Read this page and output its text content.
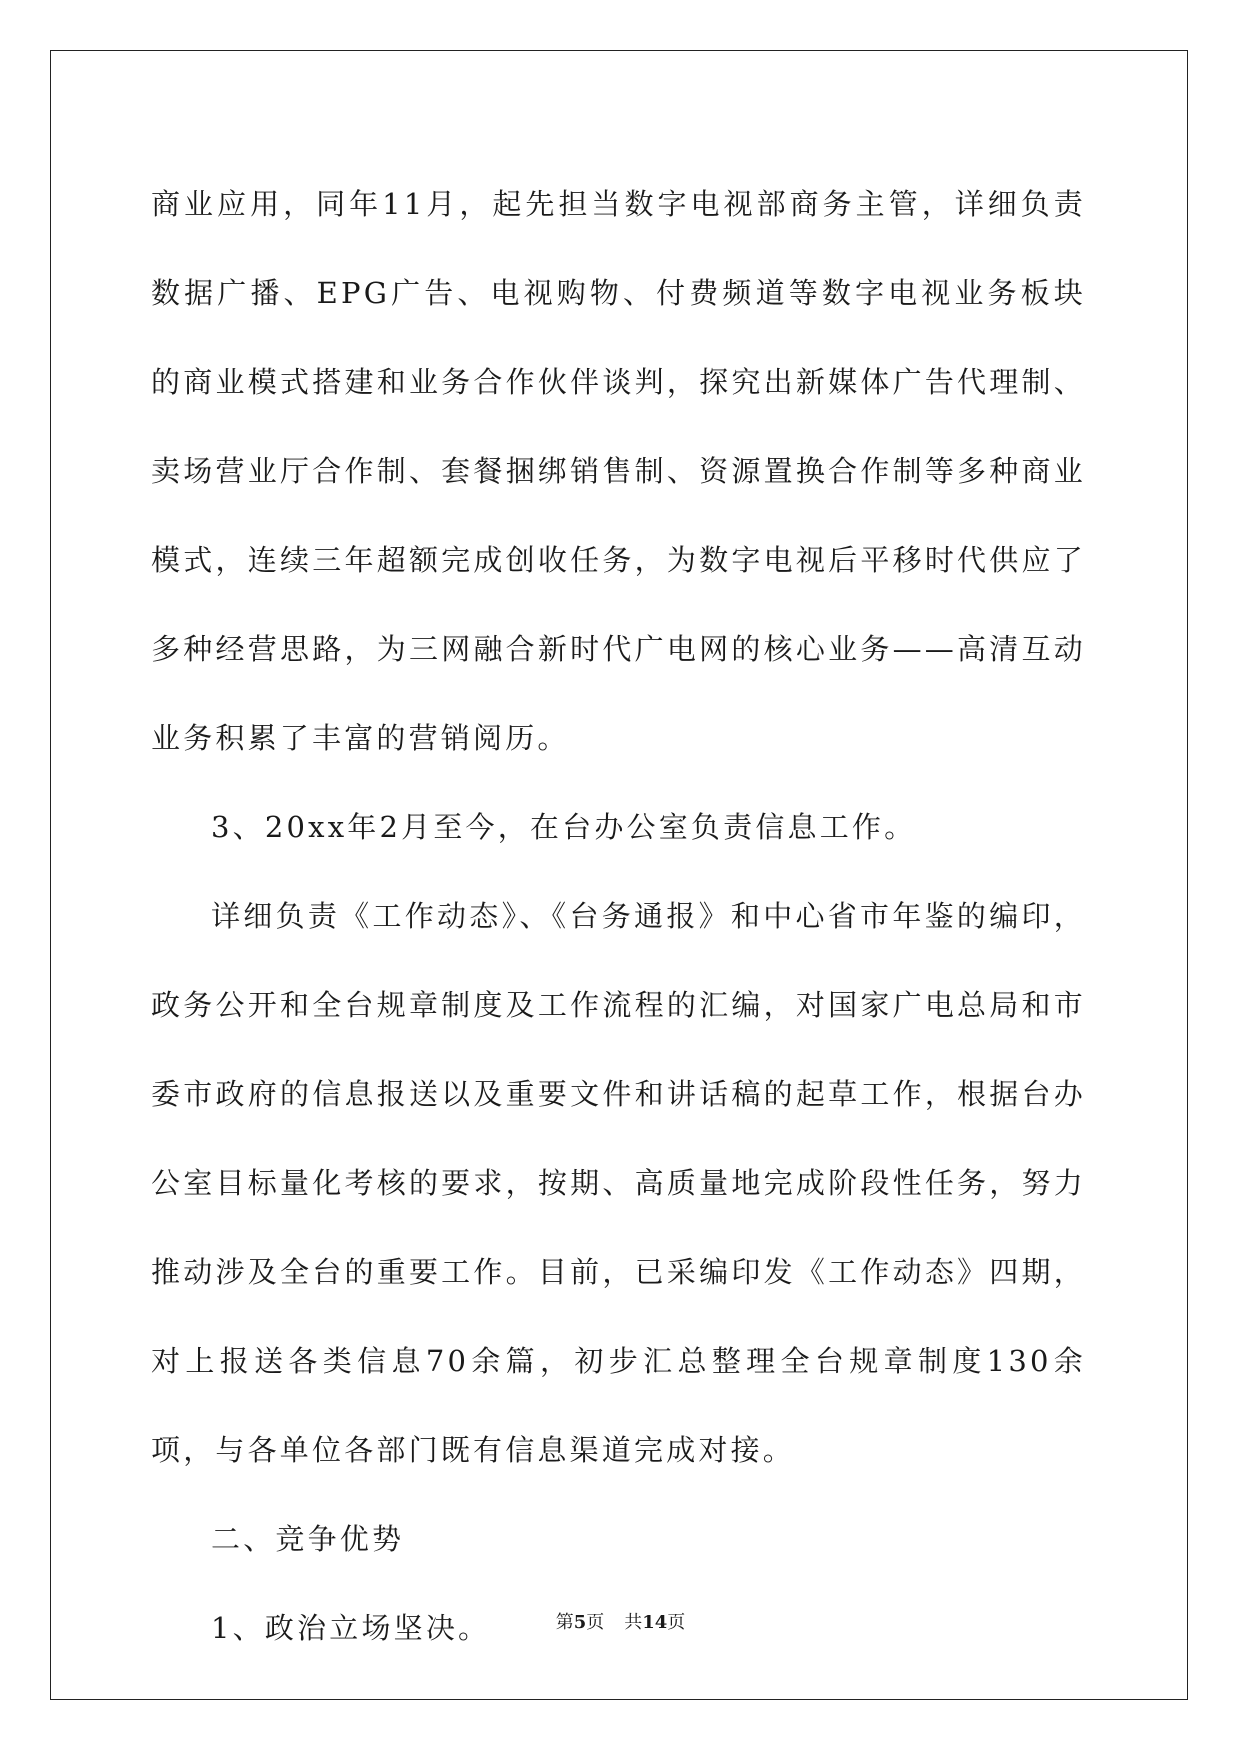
商业应用，同年11月，起先担当数字电视部商务主管，详细负责数据广播、EPG广告、电视购物、付费频道等数字电视业务板块的商业模式搭建和业务合作伙伴谈判，探究出新媒体广告代理制、卖场营业厅合作制、套餐捆绑销售制、资源置换合作制等多种商业模式，连续三年超额完成创收任务，为数字电视后平移时代供应了多种经营思路，为三网融合新时代广电网的核心业务——高清互动业务积累了丰富的营销阅历。

3、20xx年2月至今，在台办公室负责信息工作。

详细负责《工作动态》、《台务通报》和中心省市年鉴的编印，政务公开和全台规章制度及工作流程的汇编，对国家广电总局和市委市政府的信息报送以及重要文件和讲话稿的起草工作，根据台办公室目标量化考核的要求，按期、高质量地完成阶段性任务，努力推动涉及全台的重要工作。目前，已采编印发《工作动态》四期，对上报送各类信息70余篇，初步汇总整理全台规章制度130余项，与各单位各部门既有信息渠道完成对接。

二、竞争优势

1、政治立场坚决。	第5页 共14页
